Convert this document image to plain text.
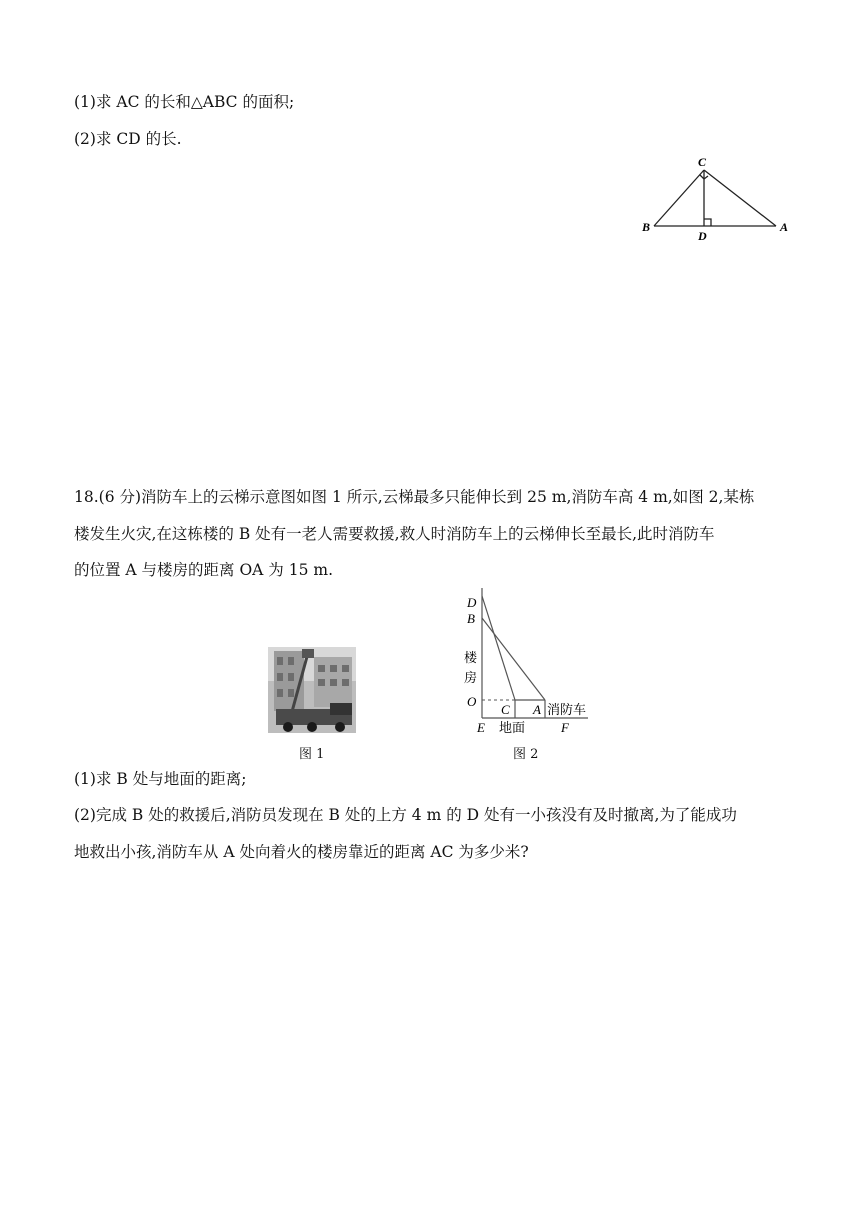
(1)求 AC 的长和△ABC 的面积;
(2)求 CD 的长.
C
B
D
A
18.(6 分)消防车上的云梯示意图如图 1 所示,云梯最多只能伸长到 25 m,消防车高 4 m,如图 2,某栋
楼发生火灾,在这栋楼的 B 处有一老人需要救援,救人时消防车上的云梯伸长至最长,此时消防车
的位置 A 与楼房的距离 OA 为 15 m.
图 1
D
B
楼
房
O
C A 消防车
E 地面	F
图 2
(1)求 B 处与地面的距离;
(2)完成 B 处的救援后,消防员发现在 B 处的上方 4 m 的 D 处有一小孩没有及时撤离,为了能成功
地救出小孩,消防车从 A 处向着火的楼房靠近的距离 AC 为多少米?
